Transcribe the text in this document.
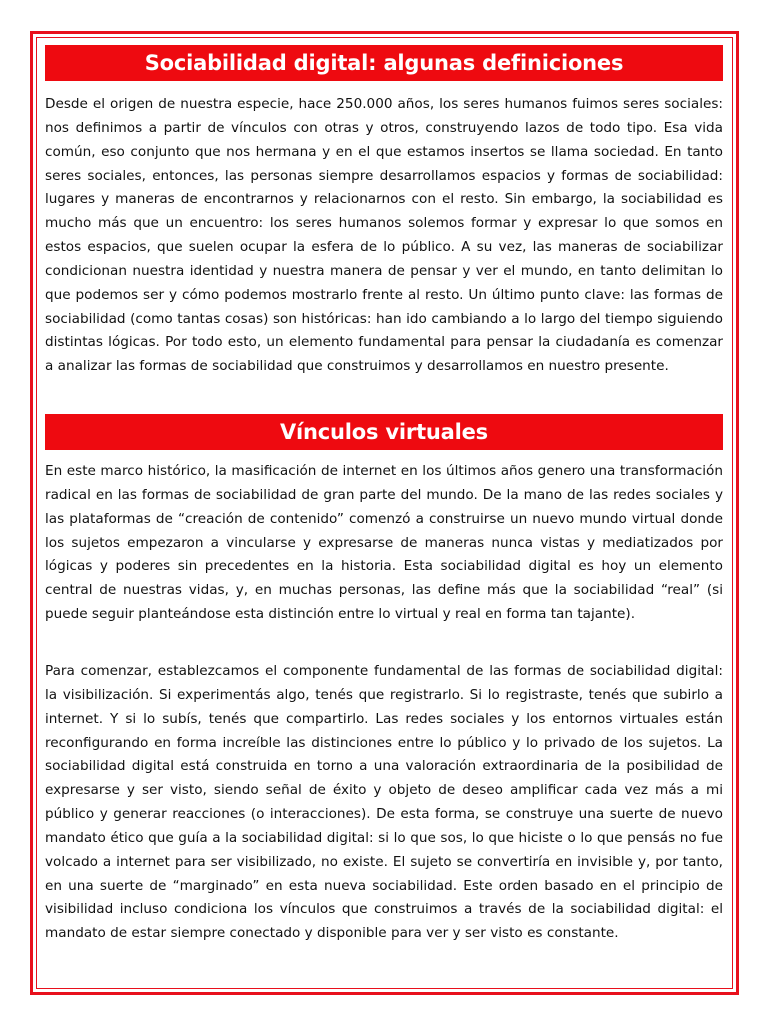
Sociabilidad digital: algunas definiciones

Desde el origen de nuestra especie, hace 250.000 años, los seres humanos fuimos seres sociales: nos definimos a partir de vínculos con otras y otros, construyendo lazos de todo tipo. Esa vida común, eso conjunto que nos hermana y en el que estamos insertos se llama sociedad. En tanto seres sociales, entonces, las personas siempre desarrollamos espacios y formas de sociabilidad: lugares y maneras de encontrarnos y relacionarnos con el resto. Sin embargo, la sociabilidad es mucho más que un encuentro: los seres humanos solemos formar y expresar lo que somos en estos espacios, que suelen ocupar la esfera de lo público. A su vez, las maneras de sociabilizar condicionan nuestra identidad y nuestra manera de pensar y ver el mundo, en tanto delimitan lo que podemos ser y cómo podemos mostrarlo frente al resto. Un último punto clave: las formas de sociabilidad (como tantas cosas) son históricas: han ido cambiando a lo largo del tiempo siguiendo distintas lógicas. Por todo esto, un elemento fundamental para pensar la ciudadanía es comenzar a analizar las formas de sociabilidad que construimos y desarrollamos en nuestro presente.

Vínculos virtuales

En este marco histórico, la masificación de internet en los últimos años genero una transformación radical en las formas de sociabilidad de gran parte del mundo. De la mano de las redes sociales y las plataformas de “creación de contenido” comenzó a construirse un nuevo mundo virtual donde los sujetos empezaron a vincularse y expresarse de maneras nunca vistas y mediatizados por lógicas y poderes sin precedentes en la historia. Esta sociabilidad digital es hoy un elemento central de nuestras vidas, y, en muchas personas, las define más que la sociabilidad “real” (si puede seguir planteándose esta distinción entre lo virtual y real en forma tan tajante).

Para comenzar, establezcamos el componente fundamental de las formas de sociabilidad digital: la visibilización. Si experimentás algo, tenés que registrarlo. Si lo registraste, tenés que subirlo a internet. Y si lo subís, tenés que compartirlo. Las redes sociales y los entornos virtuales están reconfigurando en forma increíble las distinciones entre lo público y lo privado de los sujetos. La sociabilidad digital está construida en torno a una valoración extraordinaria de la posibilidad de expresarse y ser visto, siendo señal de éxito y objeto de deseo amplificar cada vez más a mi público y generar reacciones (o interacciones). De esta forma, se construye una suerte de nuevo mandato ético que guía a la sociabilidad digital: si lo que sos, lo que hiciste o lo que pensás no fue volcado a internet para ser visibilizado, no existe. El sujeto se convertiría en invisible y, por tanto, en una suerte de “marginado” en esta nueva sociabilidad. Este orden basado en el principio de visibilidad incluso condiciona los vínculos que construimos a través de la sociabilidad digital: el mandato de estar siempre conectado y disponible para ver y ser visto es constante.
